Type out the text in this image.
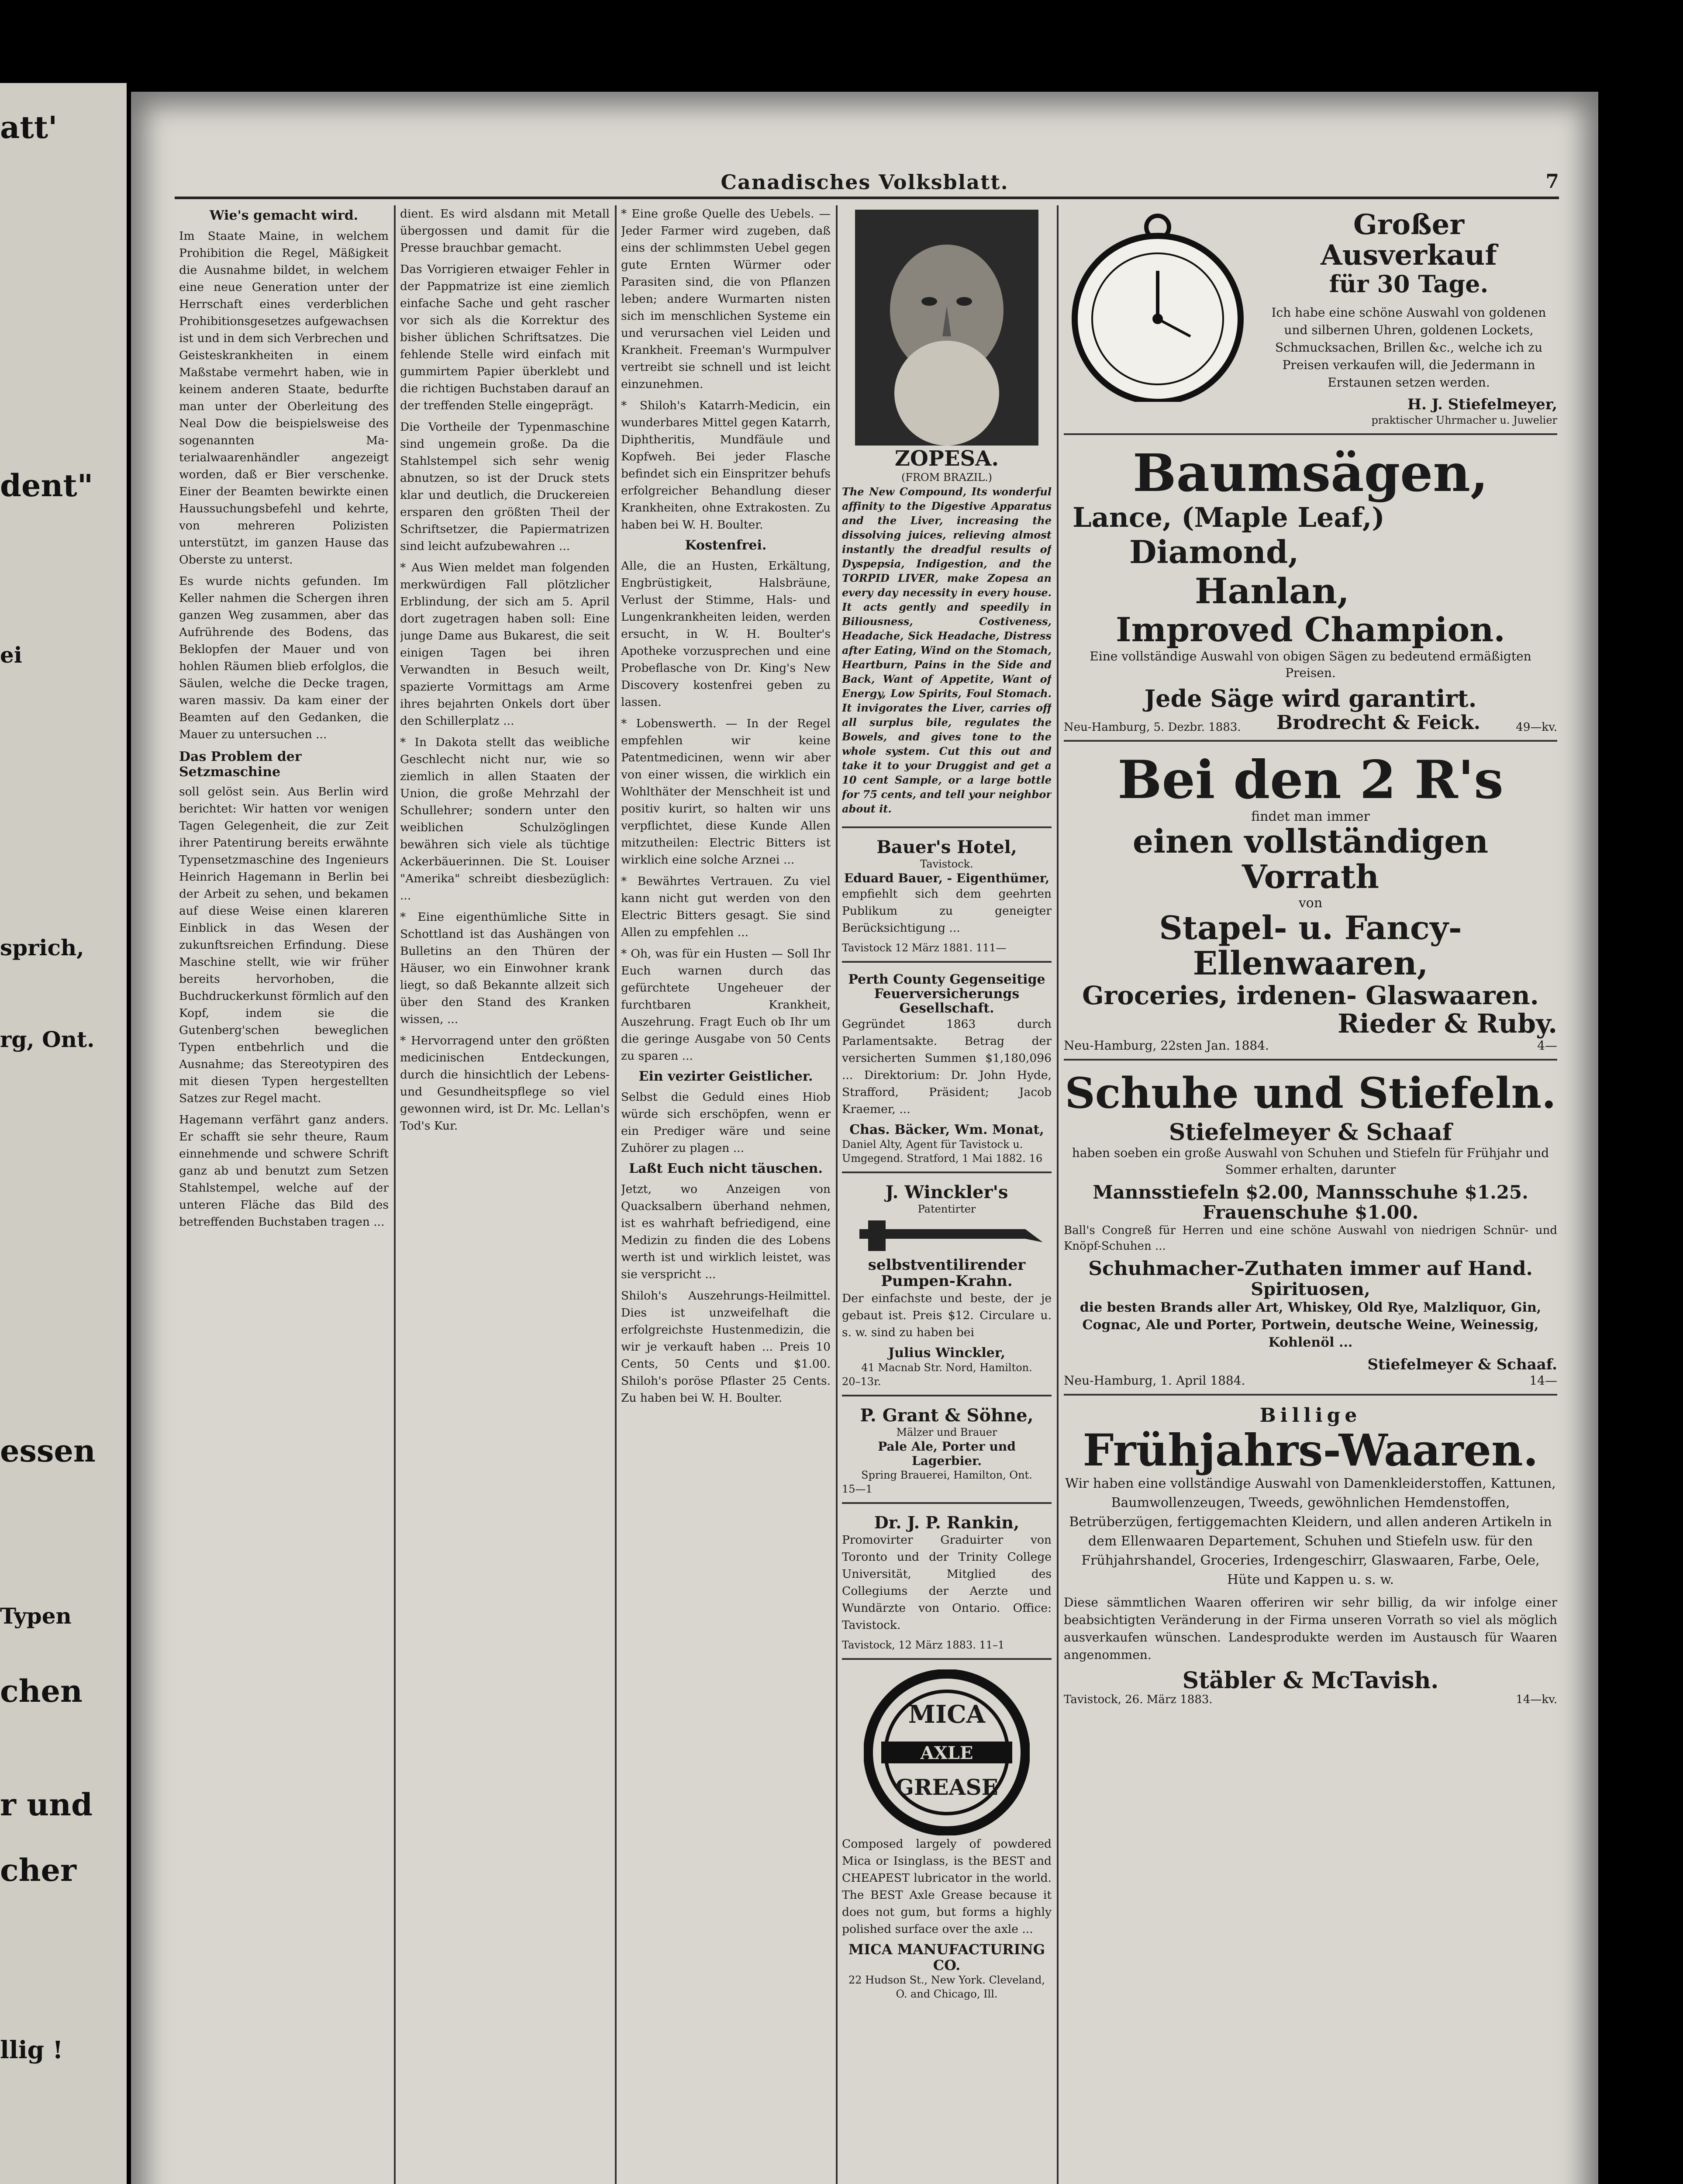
att'
dent"
ei
sprich,
rg, Ont.
essen
Typen
chen
r und
cher
llig !
Canadisches Volksblatt.	7
Wie's gemacht wird.

Im Staate Maine, in welchem Prohibition die Regel, Mäßigkeit die Ausnahme bildet, in welchem eine neue Generation unter der Herrschaft eines verderblichen Prohibitionsgesetzes aufgewachsen ist und in dem sich Verbrechen und Geisteskrankheiten in einem Maßstabe vermehrt haben, wie in keinem anderen Staate, bedurfte man unter der Oberleitung des Neal Dow die beispielsweise des sogenannten Ma-terialwaarenhändler angezeigt worden, daß er Bier verschenke. Einer der Beamten bewirkte einen Haussuchungsbefehl und kehrte, von mehreren Polizisten unterstützt, im ganzen Hause das Oberste zu unterst.

Es wurde nichts gefunden. Im Keller nahmen die Schergen ihren ganzen Weg zusammen, aber das Aufrührende des Bodens, das Beklopfen der Mauer und von hohlen Räumen blieb erfolglos, die Säulen, welche die Decke tragen, waren massiv. Da kam einer der Beamten auf den Gedanken, die Mauer zu untersuchen ...

Das Problem der Setzmaschine

soll gelöst sein. Aus Berlin wird berichtet: Wir hatten vor wenigen Tagen Gelegenheit, die zur Zeit ihrer Patentirung bereits erwähnte Typensetzmaschine des Ingenieurs Heinrich Hagemann in Berlin bei der Arbeit zu sehen, und bekamen auf diese Weise einen klareren Einblick in das Wesen der zukunftsreichen Erfindung. Diese Maschine stellt, wie wir früher bereits hervorhoben, die Buchdruckerkunst förmlich auf den Kopf, indem sie die Gutenberg'schen beweglichen Typen entbehrlich und die Ausnahme; das Stereotypiren des mit diesen Typen hergestellten Satzes zur Regel macht.

Hagemann verfährt ganz anders. Er schafft sie sehr theure, Raum einnehmende und schwere Schrift ganz ab und benutzt zum Setzen Stahlstempel, welche auf der unteren Fläche das Bild des betreffenden Buchstaben tragen ...

dient. Es wird alsdann mit Metall übergossen und damit für die Presse brauchbar gemacht.

Das Vorrigieren etwaiger Fehler in der Pappmatrize ist eine ziemlich einfache Sache und geht rascher vor sich als die Korrektur des bisher üblichen Schriftsatzes. Die fehlende Stelle wird einfach mit gummirtem Papier überklebt und die richtigen Buchstaben darauf an der treffenden Stelle eingeprägt.

Die Vortheile der Typenmaschine sind ungemein große. Da die Stahlstempel sich sehr wenig abnutzen, so ist der Druck stets klar und deutlich, die Druckereien ersparen den größten Theil der Schriftsetzer, die Papiermatrizen sind leicht aufzubewahren ...

* Aus Wien meldet man folgenden merkwürdigen Fall plötzlicher Erblindung, der sich am 5. April dort zugetragen haben soll: Eine junge Dame aus Bukarest, die seit einigen Tagen bei ihren Verwandten in Besuch weilt, spazierte Vormittags am Arme ihres bejahrten Onkels dort über den Schillerplatz ...

* In Dakota stellt das weibliche Geschlecht nicht nur, wie so ziemlich in allen Staaten der Union, die große Mehrzahl der Schullehrer; sondern unter den weiblichen Schulzöglingen bewähren sich viele als tüchtige Ackerbäuerinnen. Die St. Louiser "Amerika" schreibt diesbezüglich: ...

* Eine eigenthümliche Sitte in Schottland ist das Aushängen von Bulletins an den Thüren der Häuser, wo ein Einwohner krank liegt, so daß Bekannte allzeit sich über den Stand des Kranken wissen, ...

* Hervorragend unter den größten medicinischen Entdeckungen, durch die hinsichtlich der Lebens- und Gesundheitspflege so viel gewonnen wird, ist Dr. Mc. Lellan's Tod's Kur.

* Eine große Quelle des Uebels. — Jeder Farmer wird zugeben, daß eins der schlimmsten Uebel gegen gute Ernten Würmer oder Parasiten sind, die von Pflanzen leben; andere Wurmarten nisten sich im menschlichen Systeme ein und verursachen viel Leiden und Krankheit. Freeman's Wurmpulver vertreibt sie schnell und ist leicht einzunehmen.

* Shiloh's Katarrh-Medicin, ein wunderbares Mittel gegen Katarrh, Diphtheritis, Mundfäule und Kopfweh. Bei jeder Flasche befindet sich ein Einspritzer behufs erfolgreicher Behandlung dieser Krankheiten, ohne Extrakosten. Zu haben bei W. H. Boulter.

Kostenfrei.

Alle, die an Husten, Erkältung, Engbrüstigkeit, Halsbräune, Verlust der Stimme, Hals- und Lungenkrankheiten leiden, werden ersucht, in W. H. Boulter's Apotheke vorzusprechen und eine Probeflasche von Dr. King's New Discovery kostenfrei geben zu lassen.

* Lobenswerth. — In der Regel empfehlen wir keine Patentmedicinen, wenn wir aber von einer wissen, die wirklich ein Wohlthäter der Menschheit ist und positiv kurirt, so halten wir uns verpflichtet, diese Kunde Allen mitzutheilen: Electric Bitters ist wirklich eine solche Arznei ...

* Bewährtes Vertrauen. Zu viel kann nicht gut werden von den Electric Bitters gesagt. Sie sind Allen zu empfehlen ...

* Oh, was für ein Husten — Soll Ihr Euch warnen durch das gefürchtete Ungeheuer der furchtbaren Krankheit, Auszehrung. Fragt Euch ob Ihr um die geringe Ausgabe von 50 Cents zu sparen ...

Ein vezirter Geistlicher.

Selbst die Geduld eines Hiob würde sich erschöpfen, wenn er ein Prediger wäre und seine Zuhörer zu plagen ...

Laßt Euch nicht täuschen.

Jetzt, wo Anzeigen von Quacksalbern überhand nehmen, ist es wahrhaft befriedigend, eine Medizin zu finden die des Lobens werth ist und wirklich leistet, was sie verspricht ...

Shiloh's Auszehrungs-Heilmittel. Dies ist unzweifelhaft die erfolgreichste Hustenmedizin, die wir je verkauft haben ... Preis 10 Cents, 50 Cents und $1.00. Shiloh's poröse Pflaster 25 Cents. Zu haben bei W. H. Boulter.

ZOPESA.
(FROM BRAZIL.)

The New Compound, Its wonderful affinity to the Digestive Apparatus and the Liver, increasing the dissolving juices, relieving almost instantly the dreadful results of Dyspepsia, Indigestion, and the TORPID LIVER, make Zopesa an every day necessity in every house. It acts gently and speedily in Biliousness, Costiveness, Headache, Sick Headache, Distress after Eating, Wind on the Stomach, Heartburn, Pains in the Side and Back, Want of Appetite, Want of Energy, Low Spirits, Foul Stomach. It invigorates the Liver, carries off all surplus bile, regulates the Bowels, and gives tone to the whole system. Cut this out and take it to your Druggist and get a 10 cent Sample, or a large bottle for 75 cents, and tell your neighbor about it.

Bauer's Hotel,
Tavistock.
Eduard Bauer, - Eigenthümer,

empfiehlt sich dem geehrten Publikum zu geneigter Berücksichtigung ...

Tavistock 12 März 1881. 111—
Perth County Gegenseitige Feuerversicherungs Gesellschaft.

Gegründet 1863 durch Parlamentsakte. Betrag der versicherten Summen $1,180,096 ... Direktorium: Dr. John Hyde, Strafford, Präsident; Jacob Kraemer, ...

Chas. Bäcker, Wm. Monat,
Daniel Alty, Agent für Tavistock u. Umgegend. Stratford, 1 Mai 1882. 16
J. Winckler's
Patentirter
selbstventilirender Pumpen-Krahn.

Der einfachste und beste, der je gebaut ist. Preis $12. Circulare u. s. w. sind zu haben bei

Julius Winckler,
41 Macnab Str. Nord, Hamilton.
20–13r.
P. Grant & Söhne,
Mälzer und Brauer
Pale Ale, Porter und Lagerbier.
Spring Brauerei, Hamilton, Ont.
15—1
Dr. J. P. Rankin,

Promovirter Graduirter von Toronto und der Trinity College Universität, Mitglied des Collegiums der Aerzte und Wundärzte von Ontario. Office: Tavistock.

Tavistock, 12 März 1883. 11–1
MICA
AXLE
GREASE

Composed largely of powdered Mica or Isinglass, is the BEST and CHEAPEST lubricator in the world. The BEST Axle Grease because it does not gum, but forms a highly polished surface over the axle ...

MICA MANUFACTURING CO.
22 Hudson St., New York. Cleveland, O. and Chicago, Ill.
Großer Ausverkauf
für 30 Tage.

Ich habe eine schöne Auswahl von goldenen und silbernen Uhren, goldenen Lockets, Schmucksachen, Brillen &c., welche ich zu Preisen verkaufen will, die Jedermann in Erstaunen setzen werden.

H. J. Stiefelmeyer,
praktischer Uhrmacher u. Juwelier
Baumsägen,
Lance, (Maple Leaf,)
Diamond,
Hanlan,
Improved Champion.

Eine vollständige Auswahl von obigen Sägen zu bedeutend ermäßigten Preisen.

Jede Säge wird garantirt.
Neu-Hamburg, 5. Dezbr. 1883. Brodrecht & Feick.	49—kv.
Bei den 2 R's
findet man immer
einen vollständigen Vorrath
von
Stapel- u. Fancy-Ellenwaaren,
Groceries, irdenen- Glaswaaren.
Rieder & Ruby.
Neu-Hamburg, 22sten Jan. 1884.	4—
Schuhe und Stiefeln.
Stiefelmeyer & Schaaf

haben soeben ein große Auswahl von Schuhen und Stiefeln für Frühjahr und Sommer erhalten, darunter

Mannsstiefeln $2.00, Mannsschuhe $1.25.
Frauenschuhe $1.00.

Ball's Congreß für Herren und eine schöne Auswahl von niedrigen Schnür- und Knöpf-Schuhen ...

Schuhmacher-Zuthaten immer auf Hand.
Spirituosen,

die besten Brands aller Art, Whiskey, Old Rye, Malzliquor, Gin, Cognac, Ale und Porter, Portwein, deutsche Weine, Weinessig, Kohlenöl ...

Stiefelmeyer & Schaaf.
Neu-Hamburg, 1. April 1884.	14—
Billige
Frühjahrs-Waaren.

Wir haben eine vollständige Auswahl von Damenkleiderstoffen, Kattunen, Baumwollenzeugen, Tweeds, gewöhnlichen Hemdenstoffen, Betrüberzügen, fertiggemachten Kleidern, und allen anderen Artikeln in dem Ellenwaaren Departement, Schuhen und Stiefeln usw. für den Frühjahrshandel, Groceries, Irdengeschirr, Glaswaaren, Farbe, Oele, Hüte und Kappen u. s. w.

Diese sämmtlichen Waaren offeriren wir sehr billig, da wir infolge einer beabsichtigten Veränderung in der Firma unseren Vorrath so viel als möglich ausverkaufen wünschen. Landesprodukte werden im Austausch für Waaren angenommen.

Stäbler & McTavish.
Tavistock, 26. März 1883.	14—kv.
